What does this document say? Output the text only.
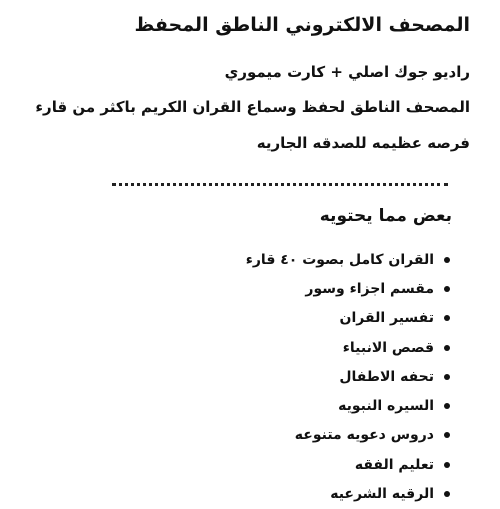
المصحف الالكتروني الناطق المحفظ

راديو جوك اصلي + كارت ميموري

المصحف الناطق لحفظ وسماع القران الكريم باكثر من قارء

فرصه عظيمه للصدقه الجاريه

بعض مما يحتويه

القران كامل بصوت ٤٠ قارء
مقسم اجزاء وسور
تفسير القران
قصص الانبياء
تحفه الاطفال
السيره النبويه
دروس دعويه متنوعه
تعليم الفقه
الرقيه الشرعيه
